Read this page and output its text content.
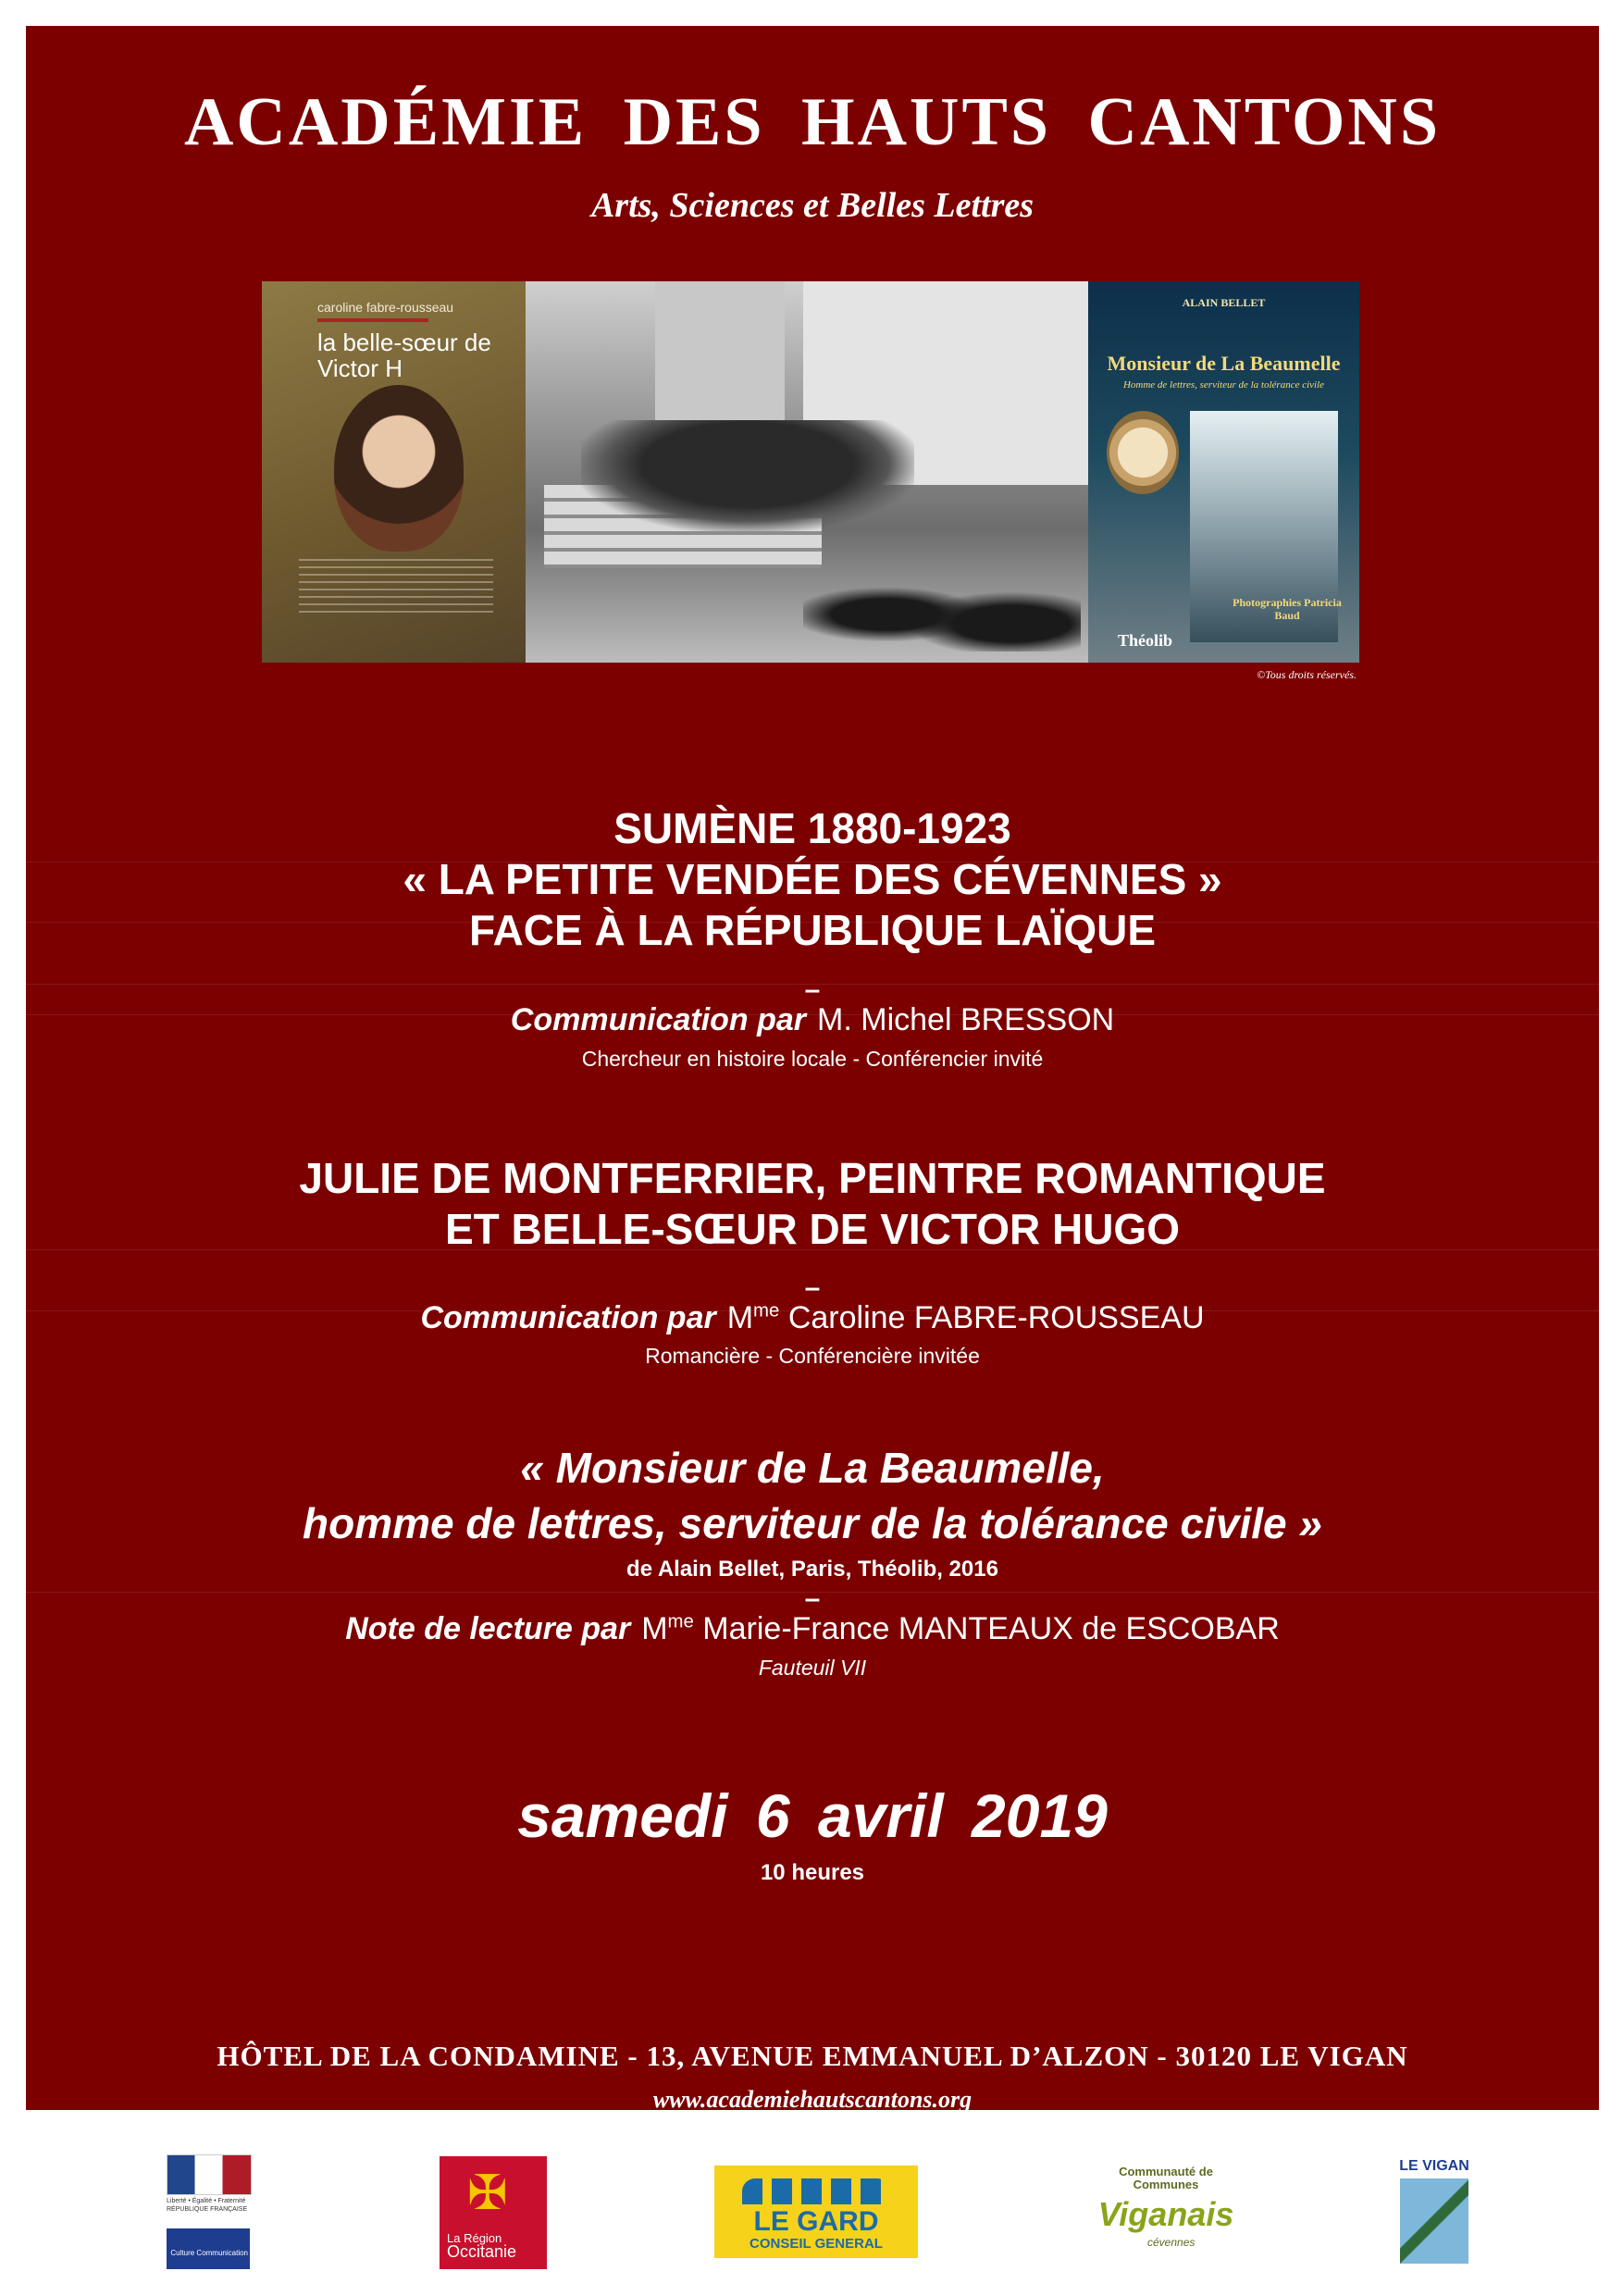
ACADÉMIE DES HAUTS CANTONS
Arts, Sciences et Belles Lettres
caroline fabre-rousseau
la belle-sœur de Victor H
ALAIN BELLET
Monsieur de La Beaumelle
Homme de lettres, serviteur de la tolérance civile
Photographies Patricia Baud
Théolib
©Tous droits réservés.
SUMÈNE 1880-1923
« LA PETITE VENDÉE DES CÉVENNES »
FACE À LA RÉPUBLIQUE LAÏQUE
–
Communication par M. Michel BRESSON
Chercheur en histoire locale - Conférencier invité
JULIE DE MONTFERRIER, PEINTRE ROMANTIQUE
ET BELLE-SŒUR DE VICTOR HUGO
–
Communication par $M^{me}$ Caroline FABRE-ROUSSEAU
Romancière - Conférencière invitée
« Monsieur de La Beaumelle,
homme de lettres, serviteur de la tolérance civile »
de Alain Bellet, Paris, Théolib, 2016
–
Note de lecture par $M^{me}$ Marie-France MANTEAUX de ESCOBAR
Fauteuil VII
samedi 6 avril 2019
10 heures
HÔTEL DE LA CONDAMINE - 13, AVENUE EMMANUEL D’ALZON - 30120 LE VIGAN
www.academiehautscantons.org
Liberté • Égalité • Fraternité RÉPUBLIQUE FRANÇAISE
Culture Communication
✠
La Région
Occitanie
LE GARD
CONSEIL GENERAL
Communauté de Communes
Viganais
cévennes
LE VIGAN
